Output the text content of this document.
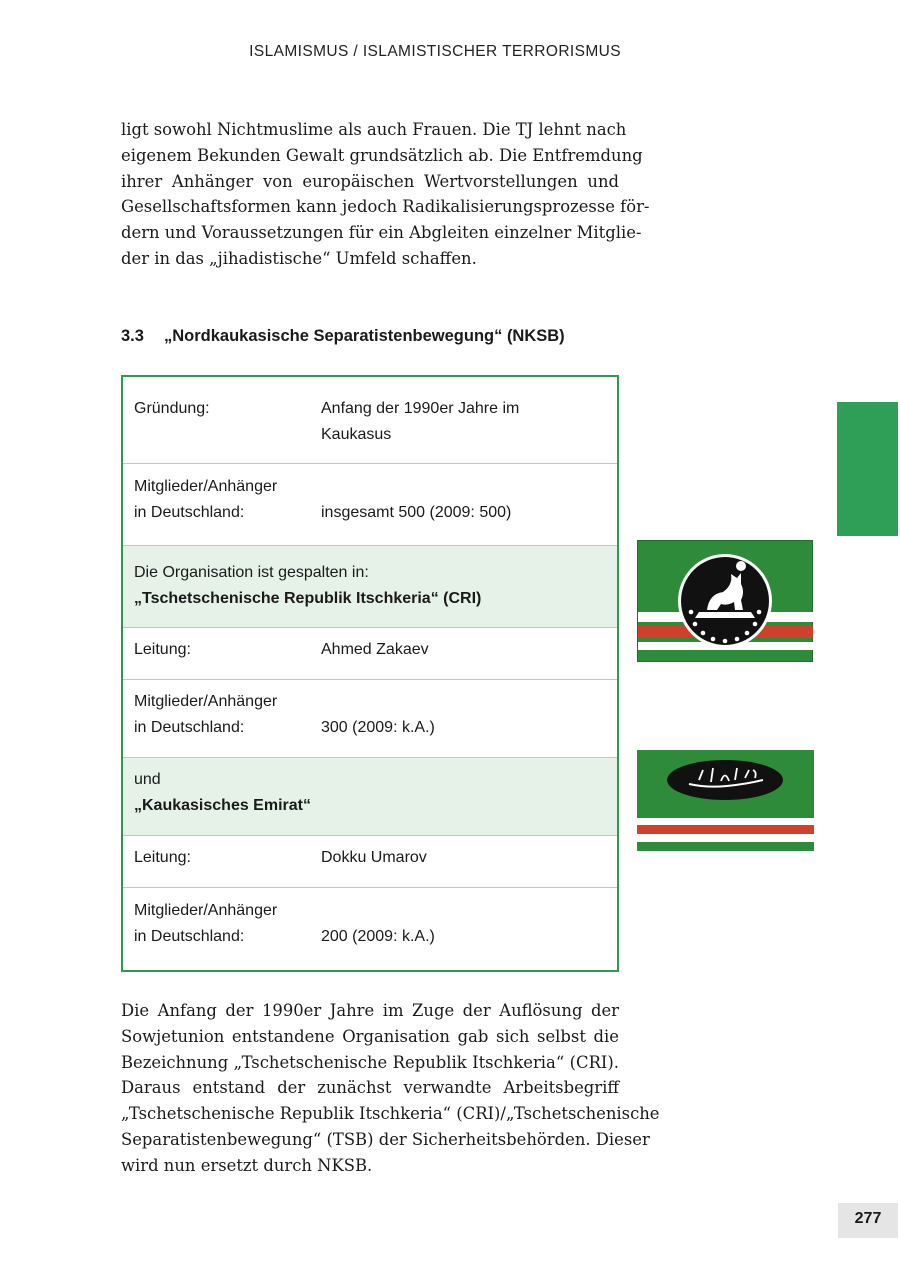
ISLAMISMUS / ISLAMISTISCHER TERRORISMUS
ligt sowohl Nichtmuslime als auch Frauen. Die TJ lehnt nach
eigenem Bekunden Gewalt grundsätzlich ab. Die Entfremdung
ihrer Anhänger von europäischen Wertvorstellungen und
Gesellschaftsformen kann jedoch Radikalisierungsprozesse för-
dern und Voraussetzungen für ein Abgleiten einzelner Mitglie-
der in das „jihadistische“ Umfeld schaffen.
3.3 „Nordkaukasische Separatistenbewegung“ (NKSB)
Gründung:	Anfang der 1990er Jahre im
Kaukasus
Mitglieder/Anhänger
in Deutschland:	insgesamt 500 (2009: 500)
Die Organisation ist gespalten in:
„Tschetschenische Republik Itschkeria“ (CRI)
Leitung:	Ahmed Zakaev
Mitglieder/Anhänger
in Deutschland:	300 (2009: k.A.)
und
„Kaukasisches Emirat“
Leitung:	Dokku Umarov
Mitglieder/Anhänger
in Deutschland:	200 (2009: k.A.)
Die Anfang der 1990er Jahre im Zuge der Auflösung der
Sowjetunion entstandene Organisation gab sich selbst die
Bezeichnung „Tschetschenische Republik Itschkeria“ (CRI).
Daraus entstand der zunächst verwandte Arbeitsbegriff
„Tschetschenische Republik Itschkeria“ (CRI)/„Tschetschenische
Separatistenbewegung“ (TSB) der Sicherheitsbehörden. Dieser
wird nun ersetzt durch NKSB.
277
